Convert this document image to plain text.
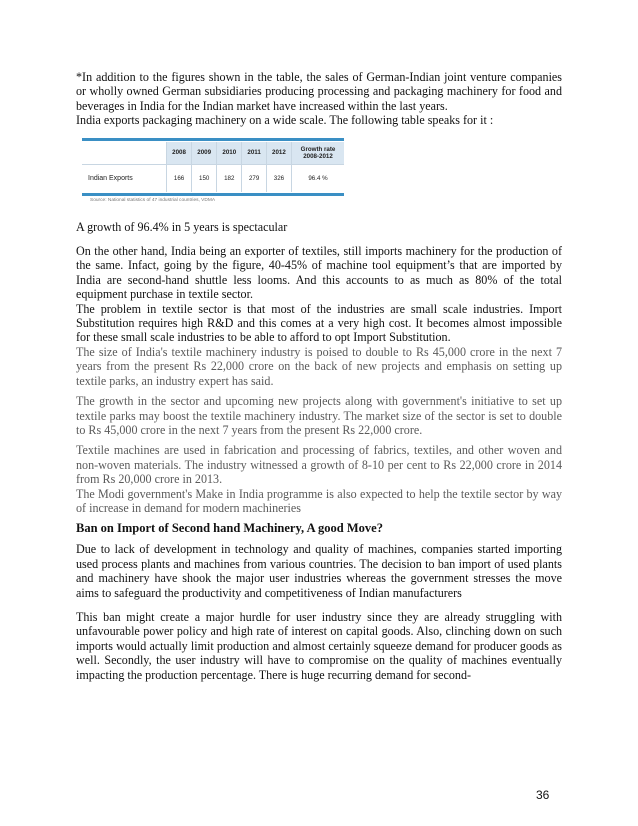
*In addition to the figures shown in the table, the sales of German-Indian joint venture companies or wholly owned German subsidiaries producing processing and packaging machinery for food and beverages in India for the Indian market have increased within the last years.

India exports packaging machinery on a wide scale. The following table speaks for it :

	2008	2009	2010	2011	2012	Growth rate 2008-2012
Indian Exports	166	150	182	279	326	96.4 %
Source: National statistics of 47 industrial countries, VDMA

A growth of 96.4% in 5 years is spectacular

On the other hand, India being an exporter of textiles, still imports machinery for the production of the same. Infact, going by the figure, 40-45% of machine tool equipment’s that are imported by India are second-hand shuttle less looms. And this accounts to as much as 80% of the total equipment purchase in textile sector.

The problem in textile sector is that most of the industries are small scale industries. Import Substitution requires high R&D and this comes at a very high cost. It becomes almost impossible for these small scale industries to be able to afford to opt Import Substitution.

The size of India's textile machinery industry is poised to double to Rs 45,000 crore in the next 7 years from the present Rs 22,000 crore on the back of new projects and emphasis on setting up textile parks, an industry expert has said.

The growth in the sector and upcoming new projects along with government's initiative to set up textile parks may boost the textile machinery industry. The market size of the sector is set to double to Rs 45,000 crore in the next 7 years from the present Rs 22,000 crore.

Textile machines are used in fabrication and processing of fabrics, textiles, and other woven and non-woven materials. The industry witnessed a growth of 8-10 per cent to Rs 22,000 crore in 2014 from Rs 20,000 crore in 2013.

The Modi government's Make in India programme is also expected to help the textile sector by way of increase in demand for modern machineries

Ban on Import of Second hand Machinery, A good Move?

Due to lack of development in technology and quality of machines, companies started importing used process plants and machines from various countries. The decision to ban import of used plants and machinery have shook the major user industries whereas the government stresses the move aims to safeguard the productivity and competitiveness of Indian manufacturers

This ban might create a major hurdle for user industry since they are already struggling with unfavourable power policy and high rate of interest on capital goods. Also, clinching down on such imports would actually limit production and almost certainly squeeze demand for producer goods as well. Secondly, the user industry will have to compromise on the quality of machines eventually impacting the production percentage. There is huge recurring demand for second-

36
